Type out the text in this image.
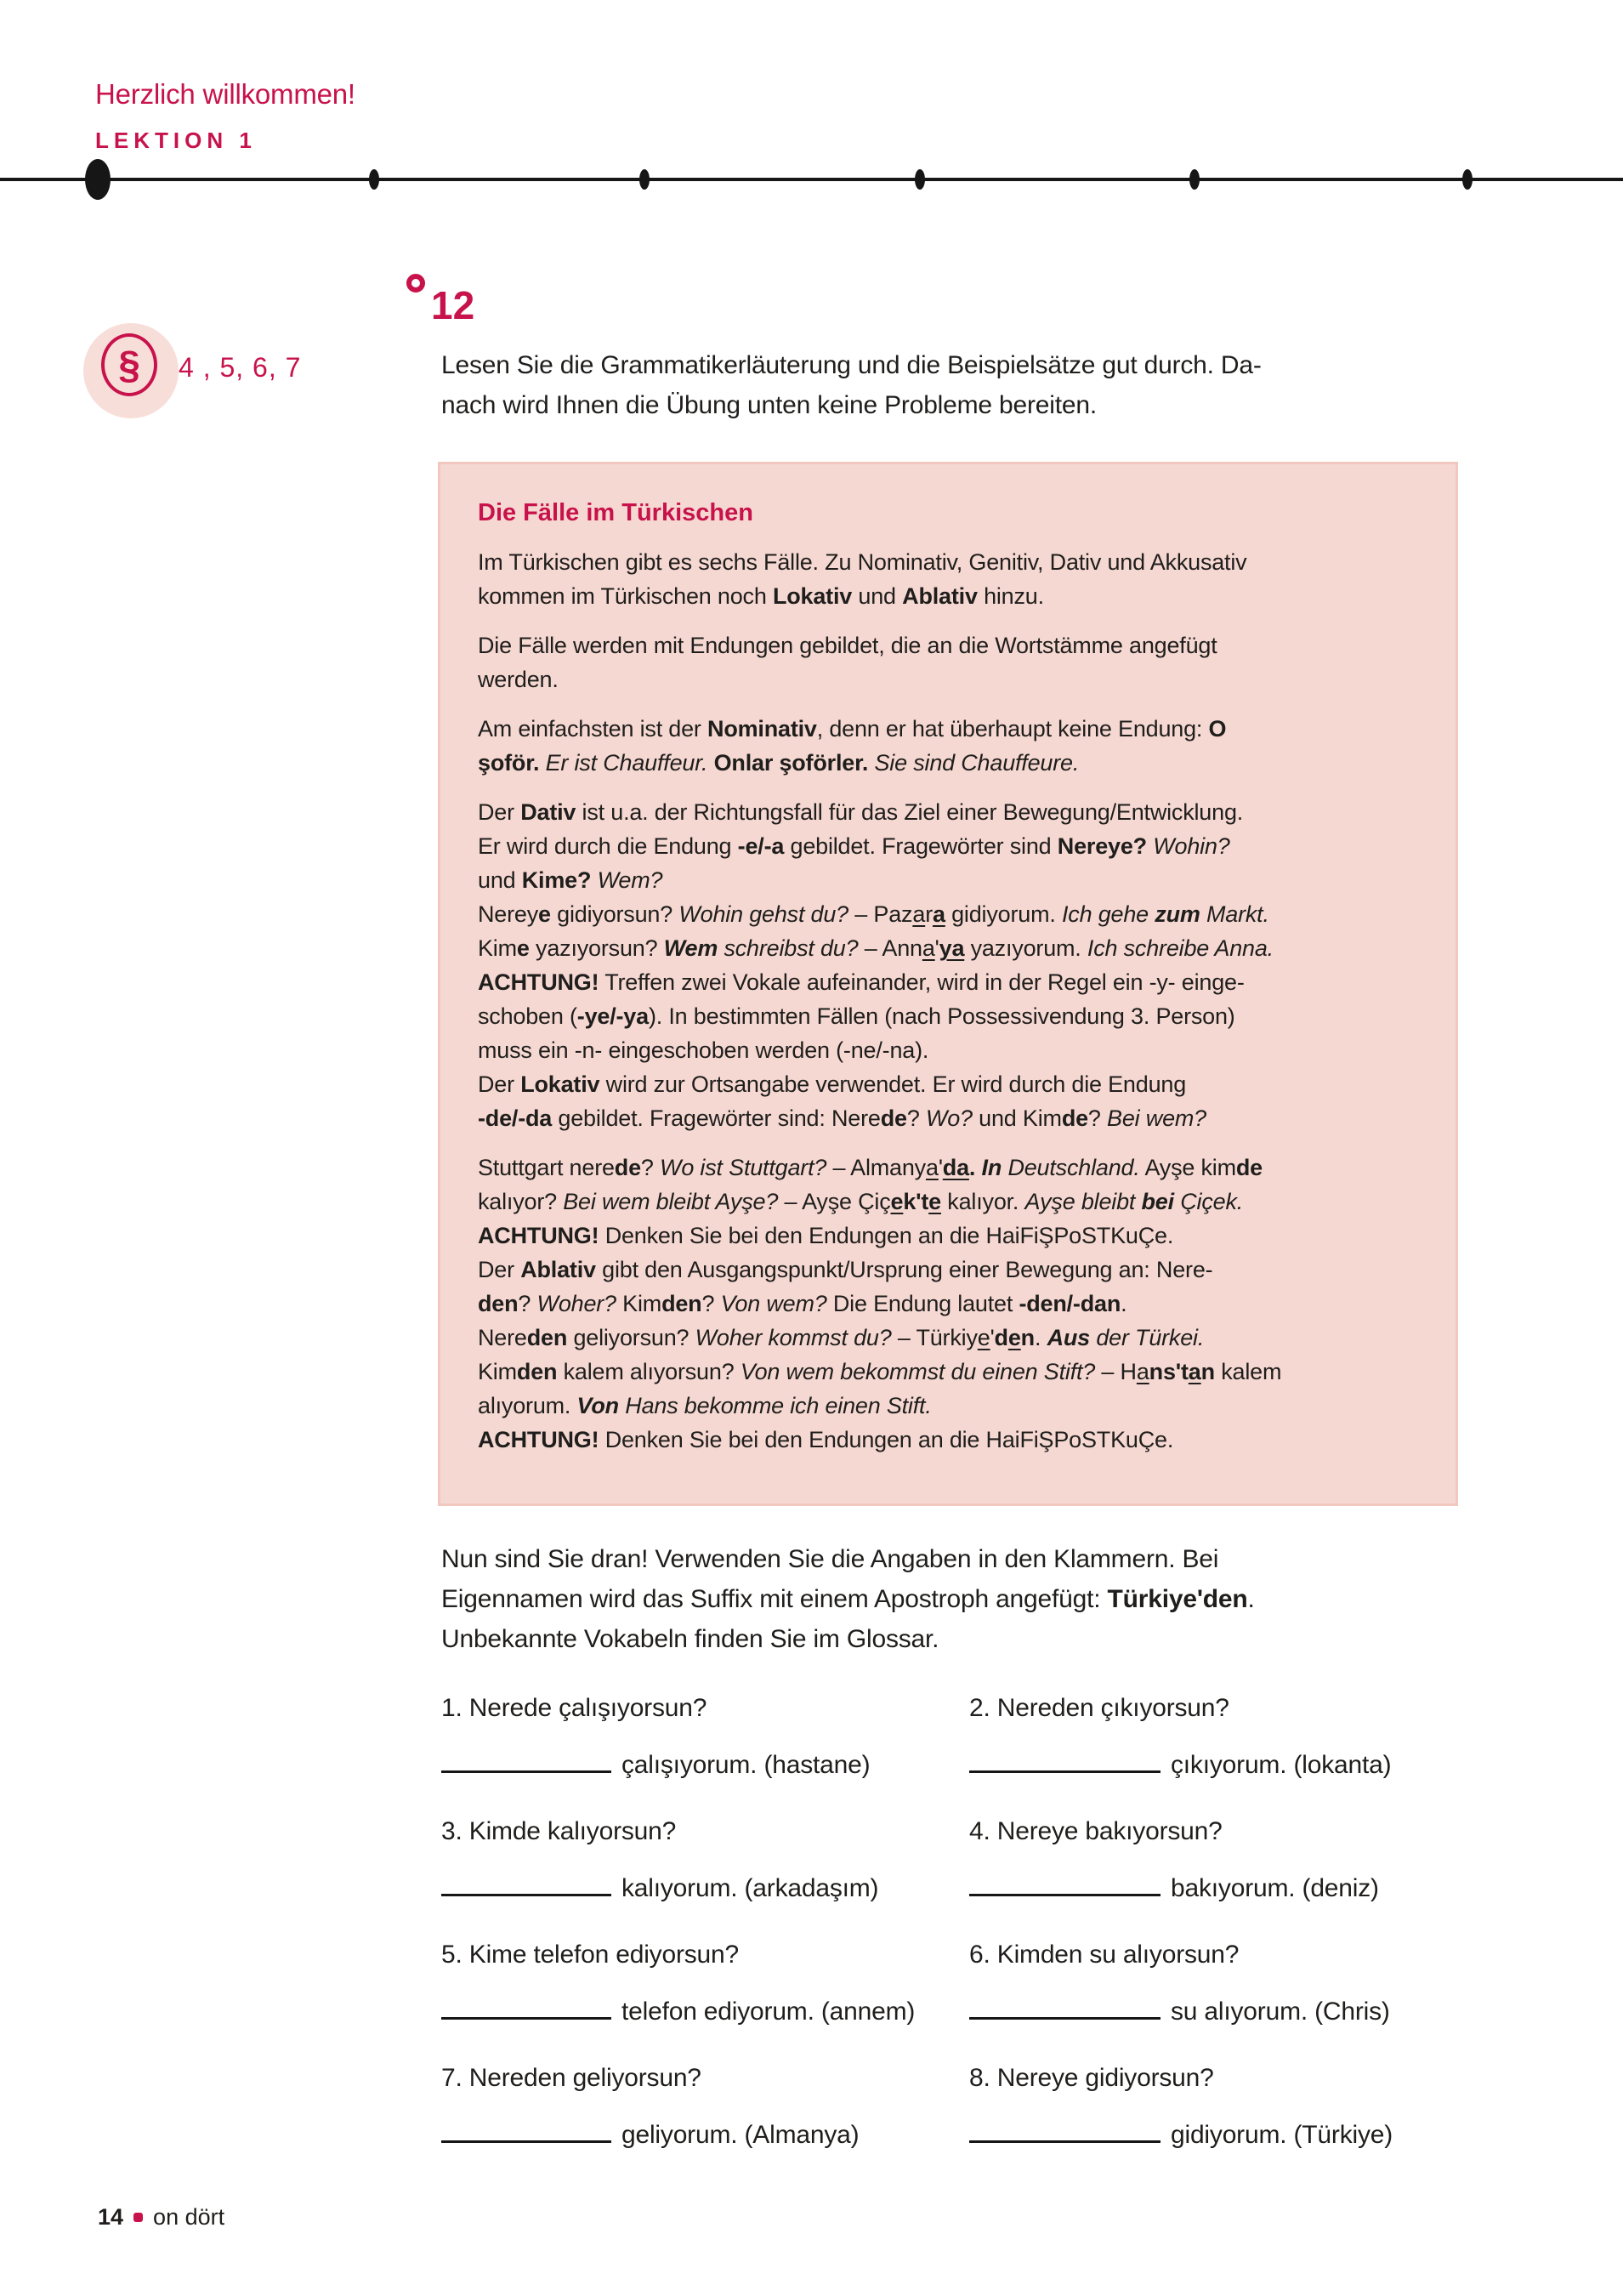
Herzlich willkommen!
LEKTION 1
§ 4 , 5, 6, 7
12
Lesen Sie die Grammatikerläuterung und die Beispielsätze gut durch. Da-
nach wird Ihnen die Übung unten keine Probleme bereiten.
Die Fälle im Türkischen

Im Türkischen gibt es sechs Fälle. Zu Nominativ, Genitiv, Dativ und Akkusativ
kommen im Türkischen noch Lokativ und Ablativ hinzu.

Die Fälle werden mit Endungen gebildet, die an die Wortstämme angefügt
werden.

Am einfachsten ist der Nominativ, denn er hat überhaupt keine Endung: O
şoför. Er ist Chauffeur. Onlar şoförler. Sie sind Chauffeure.

Der Dativ ist u.a. der Richtungsfall für das Ziel einer Bewegung/Entwicklung.
Er wird durch die Endung -e/-a gebildet. Fragewörter sind Nereye? Wohin?
und Kime? Wem?
Nereye gidiyorsun? Wohin gehst du? – Pazara gidiyorum. Ich gehe zum Markt.
Kime yazıyorsun? Wem schreibst du? – Anna'ya yazıyorum. Ich schreibe Anna.
ACHTUNG! Treffen zwei Vokale aufeinander, wird in der Regel ein -y- einge-
schoben (-ye/-ya). In bestimmten Fällen (nach Possessivendung 3. Person)
muss ein -n- eingeschoben werden (-ne/-na).
Der Lokativ wird zur Ortsangabe verwendet. Er wird durch die Endung
-de/-da gebildet. Fragewörter sind: Nerede? Wo? und Kimde? Bei wem?

Stuttgart nerede? Wo ist Stuttgart? – Almanya'da. In Deutschland. Ayşe kimde
kalıyor? Bei wem bleibt Ayşe? – Ayşe Çiçek'te kalıyor. Ayşe bleibt bei Çiçek.
ACHTUNG! Denken Sie bei den Endungen an die HaiFiŞPoSTKuÇe.
Der Ablativ gibt den Ausgangspunkt/Ursprung einer Bewegung an: Nere-
den? Woher? Kimden? Von wem? Die Endung lautet -den/-dan.
Nereden geliyorsun? Woher kommst du? – Türkiye'den. Aus der Türkei.
Kimden kalem alıyorsun? Von wem bekommst du einen Stift? – Hans'tan kalem
alıyorum. Von Hans bekomme ich einen Stift.
ACHTUNG! Denken Sie bei den Endungen an die HaiFiŞPoSTKuÇe.

Nun sind Sie dran! Verwenden Sie die Angaben in den Klammern. Bei
Eigennamen wird das Suffix mit einem Apostroph angefügt: Türkiye'den.
Unbekannte Vokabeln finden Sie im Glossar.
1. Nerede çalışıyorsun?
çalışıyorum. (hastane)
2. Nereden çıkıyorsun?
çıkıyorum. (lokanta)
3. Kimde kalıyorsun?
kalıyorum. (arkadaşım)
4. Nereye bakıyorsun?
bakıyorum. (deniz)
5. Kime telefon ediyorsun?
telefon ediyorum. (annem)
6. Kimden su alıyorsun?
su alıyorum. (Chris)
7. Nereden geliyorsun?
geliyorum. (Almanya)
8. Nereye gidiyorsun?
gidiyorum. (Türkiye)
14 on dört
